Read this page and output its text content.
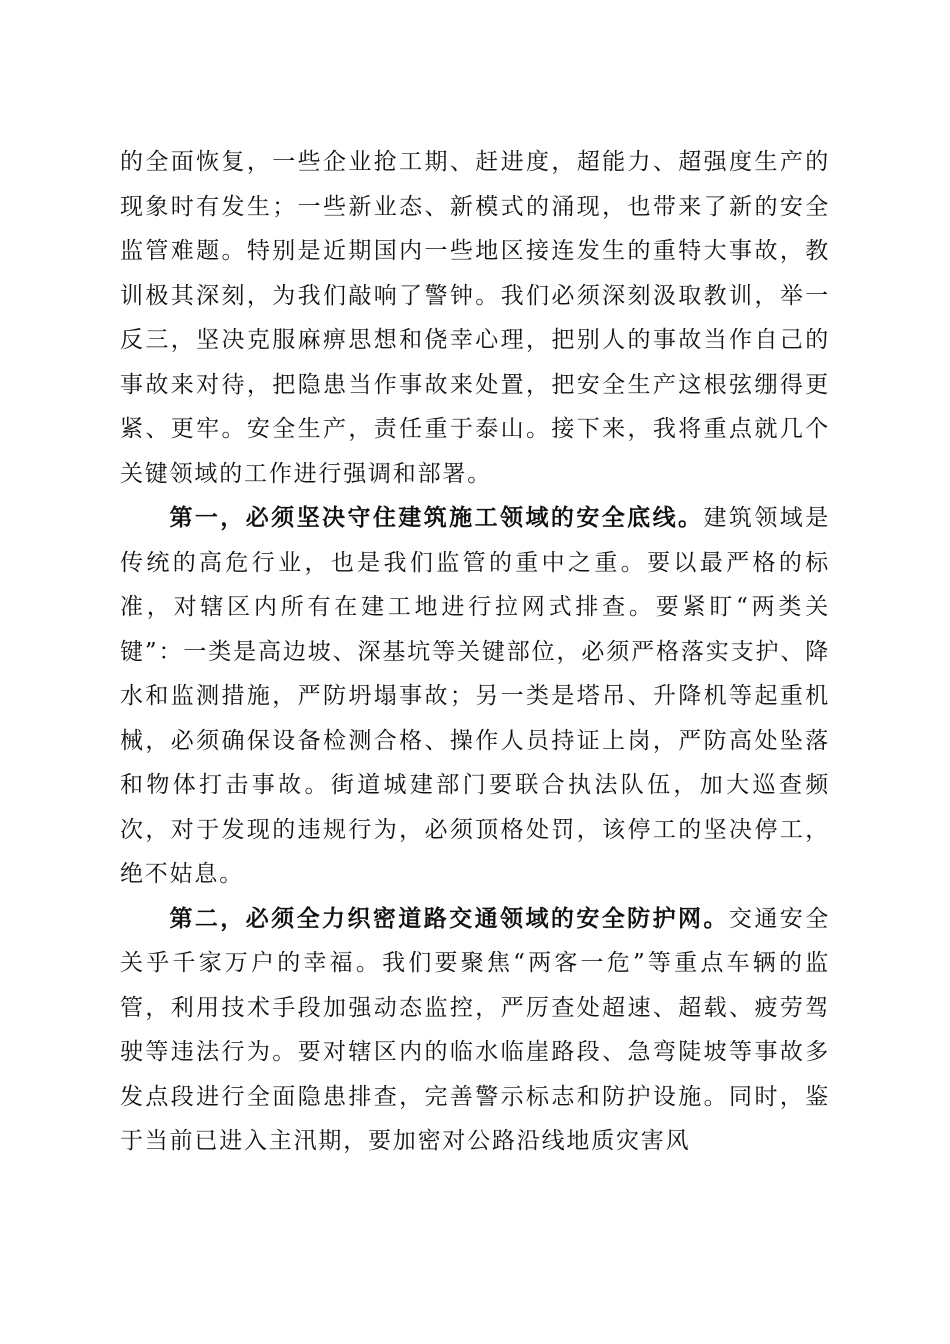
的全面恢复，一些企业抢工期、赶进度，超能力、超强度生产的现象时有发生；一些新业态、新模式的涌现，也带来了新的安全监管难题。特别是近期国内一些地区接连发生的重特大事故，教训极其深刻，为我们敲响了警钟。我们必须深刻汲取教训，举一反三，坚决克服麻痹思想和侥幸心理，把别人的事故当作自己的事故来对待，把隐患当作事故来处置，把安全生产这根弦绷得更紧、更牢。安全生产，责任重于泰山。接下来，我将重点就几个关键领域的工作进行强调和部署。

第一，必须坚决守住建筑施工领域的安全底线。建筑领域是传统的高危行业，也是我们监管的重中之重。要以最严格的标准，对辖区内所有在建工地进行拉网式排查。要紧盯“两类关键”：一类是高边坡、深基坑等关键部位，必须严格落实支护、降水和监测措施，严防坍塌事故；另一类是塔吊、升降机等起重机械，必须确保设备检测合格、操作人员持证上岗，严防高处坠落和物体打击事故。街道城建部门要联合执法队伍，加大巡查频次，对于发现的违规行为，必须顶格处罚，该停工的坚决停工，绝不姑息。

第二，必须全力织密道路交通领域的安全防护网。交通安全关乎千家万户的幸福。我们要聚焦“两客一危”等重点车辆的监管，利用技术手段加强动态监控，严厉查处超速、超载、疲劳驾驶等违法行为。要对辖区内的临水临崖路段、急弯陡坡等事故多发点段进行全面隐患排查，完善警示标志和防护设施。同时，鉴于当前已进入主汛期，要加密对公路沿线地质灾害风
